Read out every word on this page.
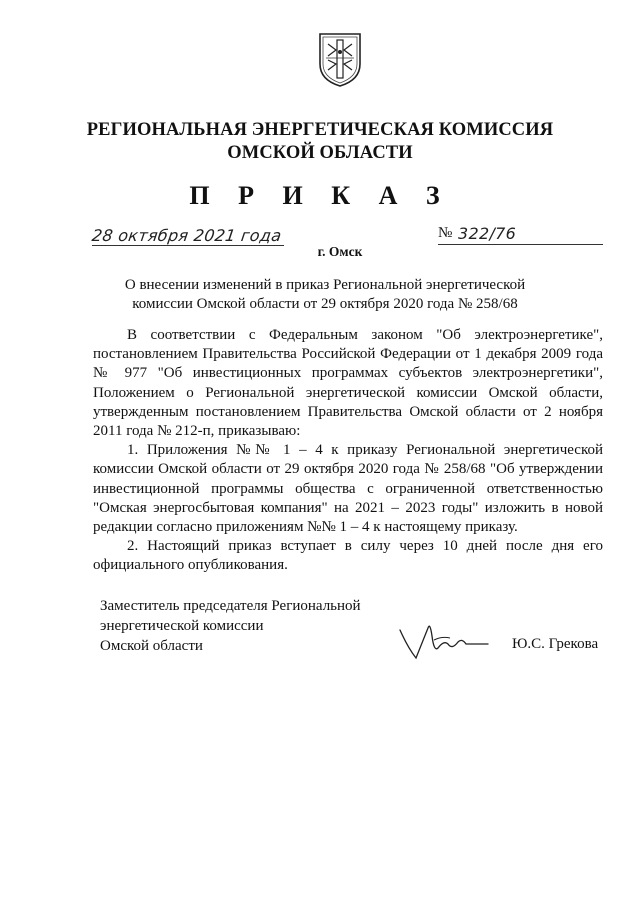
РЕГИОНАЛЬНАЯ ЭНЕРГЕТИЧЕСКАЯ КОМИССИЯ
ОМСКОЙ ОБЛАСТИ
П Р И К А З
28 октября 2021 года	№ 322/76
г. Омск
О внесении изменений в приказ Региональной энергетической
комиссии Омской области от 29 октября 2020 года № 258/68

В соответствии с Федеральным законом "Об электроэнергетике", постановлением Правительства Российской Федерации от 1 декабря 2009 года № 977 "Об инвестиционных программах субъектов электроэнергетики", Положением о Региональной энергетической комиссии Омской области, утвержденным постановлением Правительства Омской области от 2 ноября 2011 года № 212-п, приказываю:

1. Приложения №№ 1 – 4 к приказу Региональной энергетической комиссии Омской области от 29 октября 2020 года № 258/68 "Об утверждении инвестиционной программы общества с ограниченной ответственностью "Омская энергосбытовая компания" на 2021 – 2023 годы" изложить в новой редакции согласно приложениям №№ 1 – 4 к настоящему приказу.

2. Настоящий приказ вступает в силу через 10 дней после дня его официального опубликования.

Заместитель председателя Региональной
энергетической комиссии
Омской области	Ю.С. Грекова
